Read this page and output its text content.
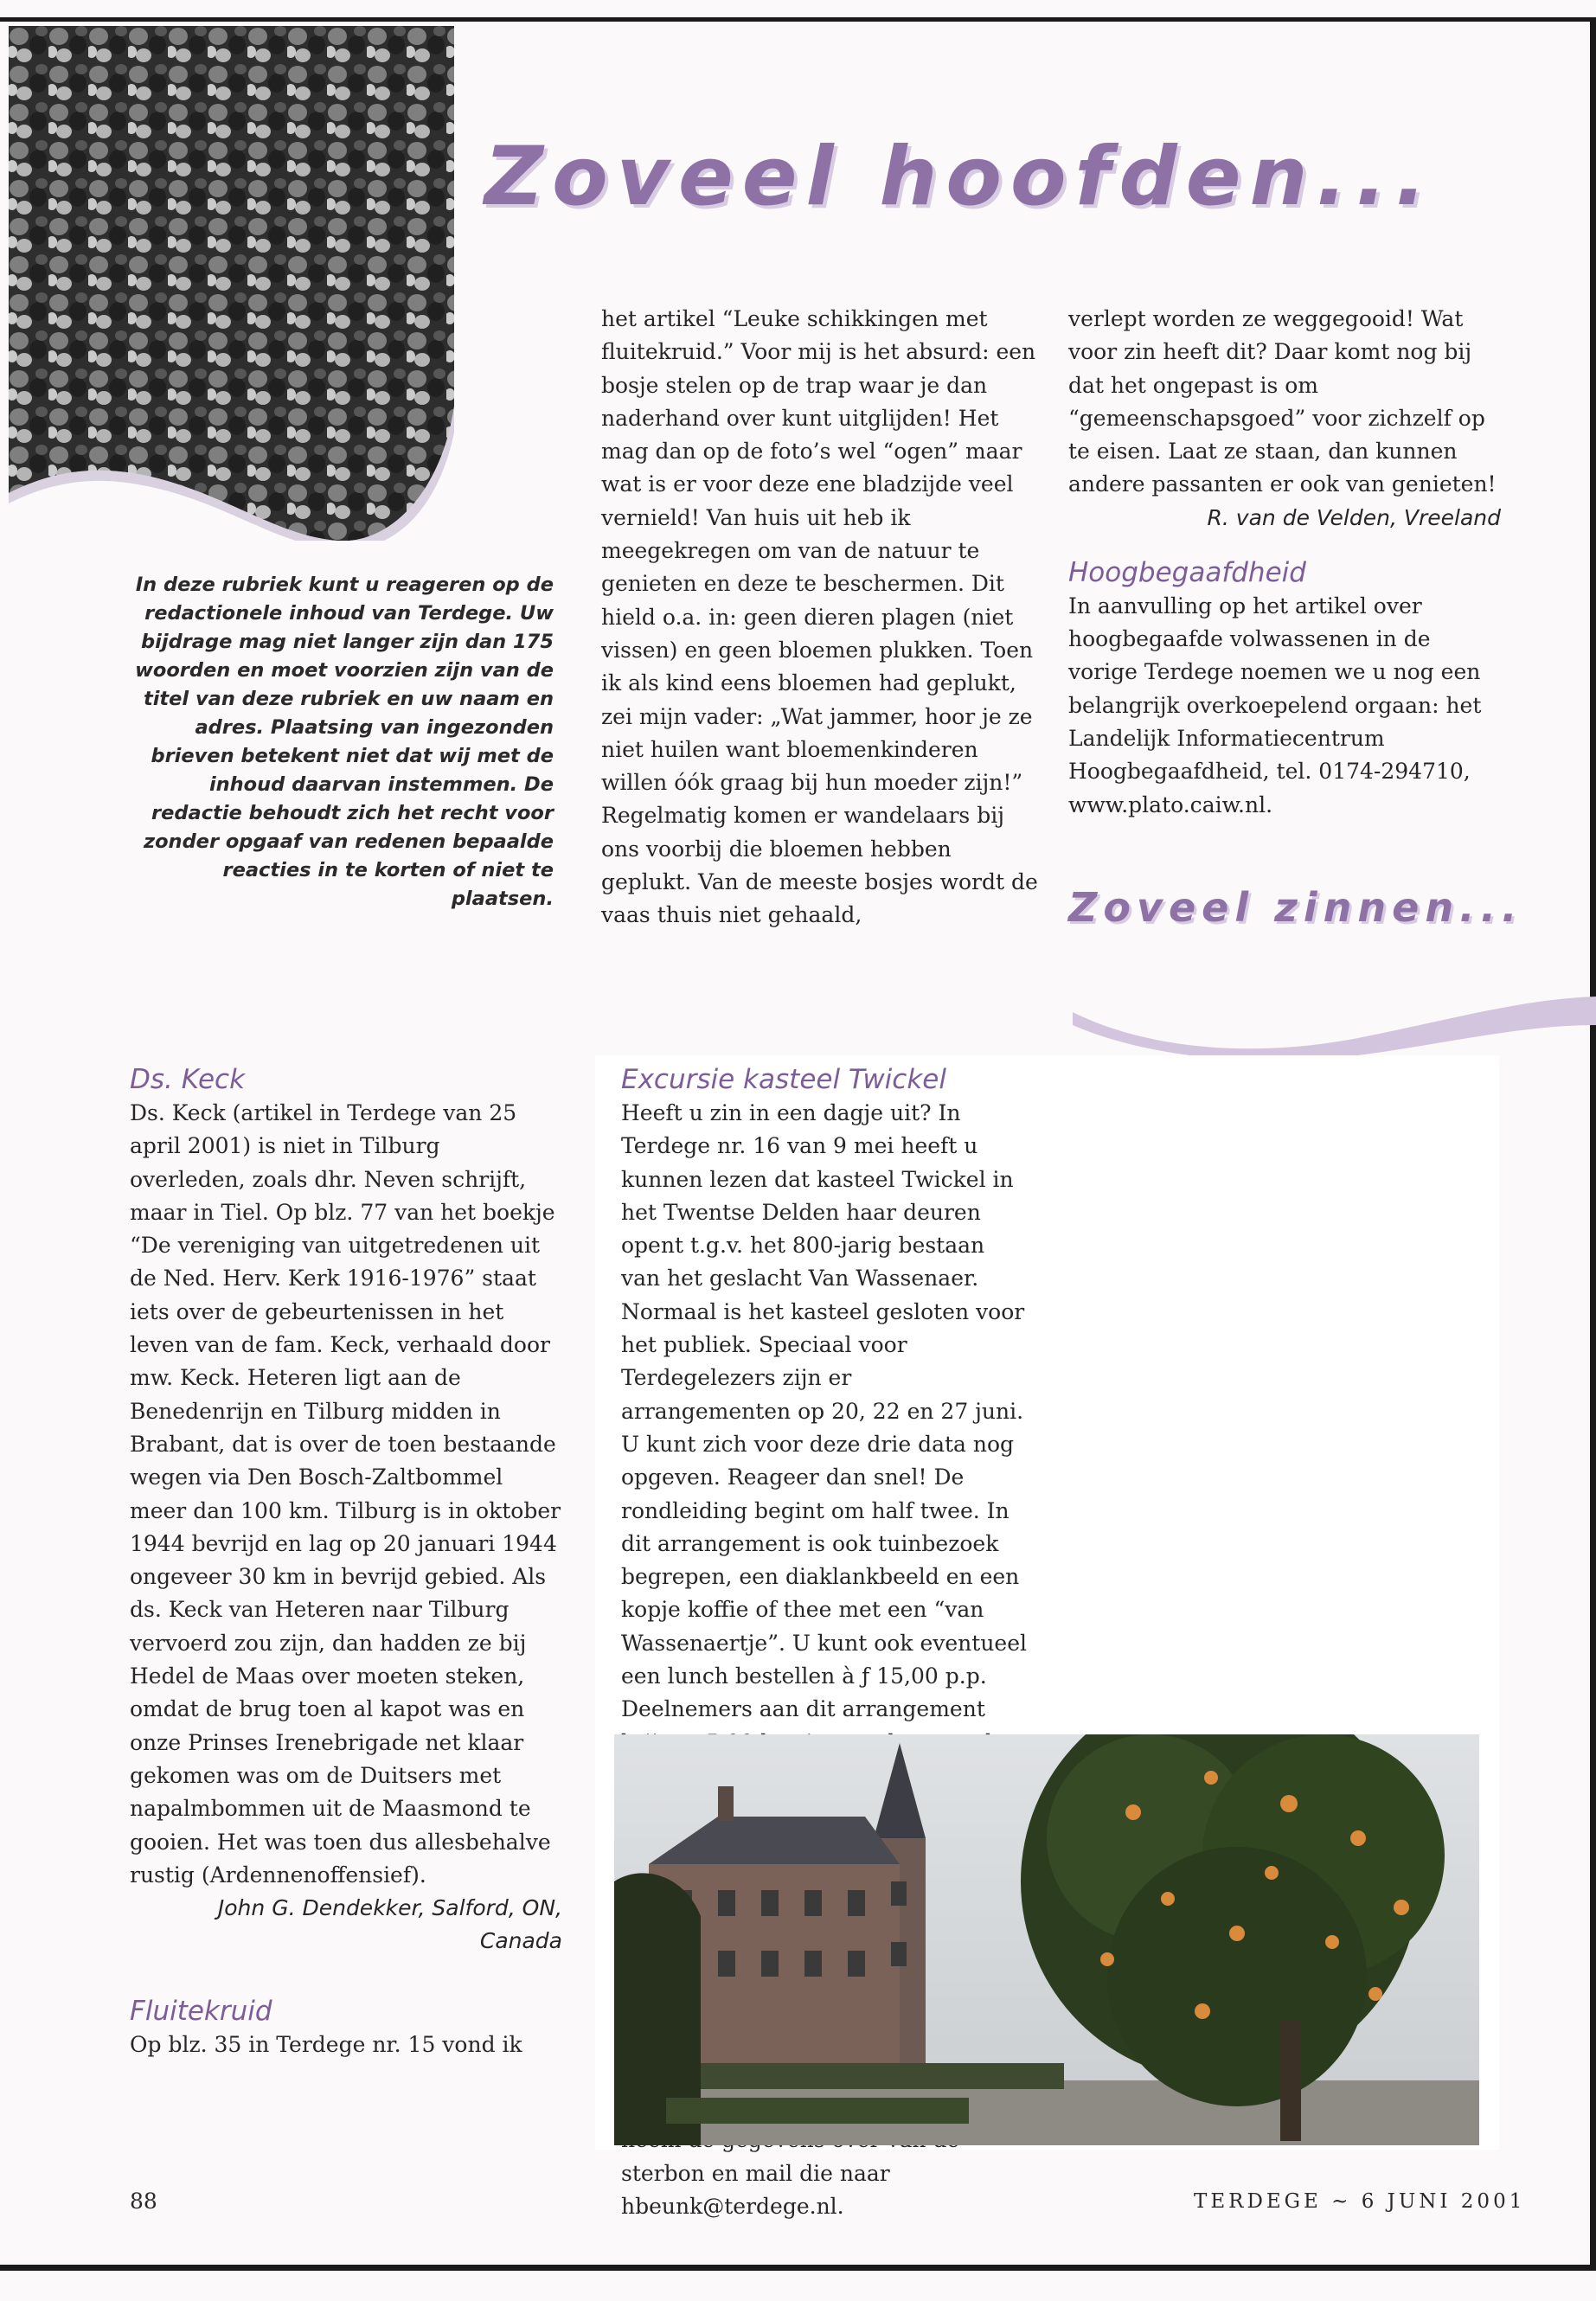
Zoveel hoofden...
In deze rubriek kunt u reageren op de redactionele inhoud van Terdege. Uw bijdrage mag niet langer zijn dan 175 woorden en moet voorzien zijn van de titel van deze rubriek en uw naam en adres. Plaatsing van ingezonden brieven betekent niet dat wij met de inhoud daarvan instemmen. De redactie behoudt zich het recht voor zonder opgaaf van redenen bepaalde reacties in te korten of niet te plaatsen.

het artikel “Leuke schikkingen met fluitekruid.” Voor mij is het absurd: een bosje stelen op de trap waar je dan naderhand over kunt uitglijden! Het mag dan op de foto’s wel “ogen” maar wat is er voor deze ene bladzijde veel vernield! Van huis uit heb ik meegekregen om van de natuur te genieten en deze te beschermen. Dit hield o.a. in: geen dieren plagen (niet vissen) en geen bloemen plukken. Toen ik als kind eens bloemen had geplukt, zei mijn vader: „Wat jammer, hoor je ze niet huilen want bloemenkinderen willen óók graag bij hun moeder zijn!”

Regelmatig komen er wandelaars bij ons voorbij die bloemen hebben geplukt. Van de meeste bosjes wordt de vaas thuis niet gehaald,

verlept worden ze weggegooid! Wat voor zin heeft dit? Daar komt nog bij dat het ongepast is om “gemeenschapsgoed” voor zichzelf op te eisen. Laat ze staan, dan kunnen andere passanten er ook van genieten!

R. van de Velden, Vreeland
Hoogbegaafdheid

In aanvulling op het artikel over hoogbegaafde volwassenen in de vorige Terdege noemen we u nog een belangrijk overkoepelend orgaan: het Landelijk Informatiecentrum Hoogbegaafdheid, tel. 0174-294710, www.plato.caiw.nl.

Zoveel zinnen...
Ds. Keck

Ds. Keck (artikel in Terdege van 25 april 2001) is niet in Tilburg overleden, zoals dhr. Neven schrijft, maar in Tiel. Op blz. 77 van het boekje “De vereniging van uitgetredenen uit de Ned. Herv. Kerk 1916-1976” staat iets over de gebeurtenissen in het leven van de fam. Keck, verhaald door mw. Keck. Heteren ligt aan de Benedenrijn en Tilburg midden in Brabant, dat is over de toen bestaande wegen via Den Bosch-Zaltbommel meer dan 100 km. Tilburg is in oktober 1944 bevrijd en lag op 20 januari 1944 ongeveer 30 km in bevrijd gebied. Als ds. Keck van Heteren naar Tilburg vervoerd zou zijn, dan hadden ze bij Hedel de Maas over moeten steken, omdat de brug toen al kapot was en onze Prinses Irenebrigade net klaar gekomen was om de Duitsers met napalmbommen uit de Maasmond te gooien. Het was toen dus allesbehalve rustig (Ardennenoffensief).

John G. Dendekker, Salford, ON,
Canada
Fluitekruid

Op blz. 35 in Terdege nr. 15 vond ik

Excursie kasteel Twickel

Heeft u zin in een dagje uit? In Terdege nr. 16 van 9 mei heeft u kunnen lezen dat kasteel Twickel in het Twentse Delden haar deuren opent t.g.v. het 800-jarig bestaan van het geslacht Van Wassenaer. Normaal is het kasteel gesloten voor het publiek. Speciaal voor Terdegelezers zijn er arrangementen op 20, 22 en 27 juni. U kunt zich voor deze drie data nog opgeven. Reageer dan snel! De rondleiding begint om half twee. In dit arrangement is ook tuinbezoek begrepen, een diaklankbeeld en een kopje koffie of thee met een “van Wassenaertje”. U kunt ook eventueel een lunch bestellen à ƒ 15,00 p.p. Deelnemers aan dit arrangement

sterbon en mail die naar hbeunk@terdege.nl.

88	TERDEGE ~ 6 JUNI 2001
